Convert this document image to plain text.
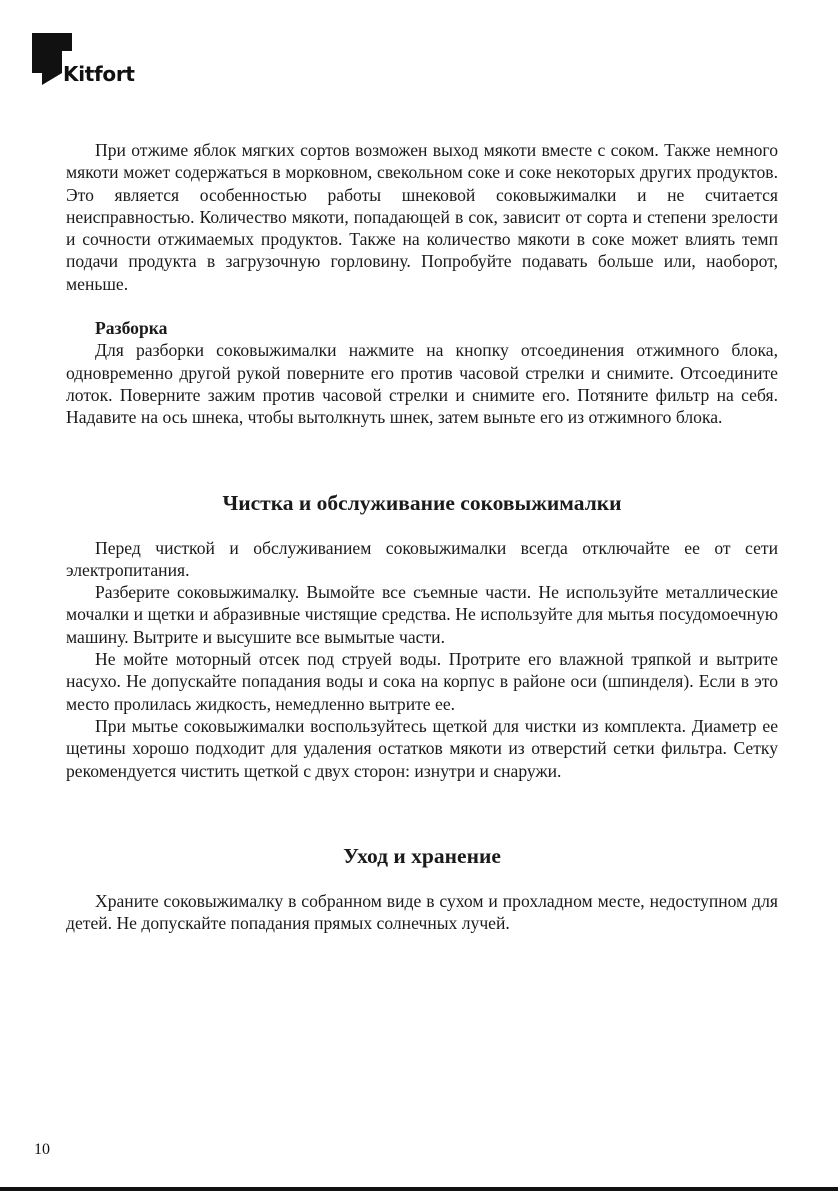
Kitfort

При отжиме яблок мягких сортов возможен выход мякоти вместе с соком. Также немного мякоти может содержаться в морковном, свекольном соке и соке некоторых других продуктов. Это является особенностью работы шнековой соковыжималки и не считается неисправностью. Количество мякоти, попадающей в сок, зависит от сорта и степени зрелости и сочности отжимаемых продуктов. Также на количество мякоти в соке может влиять темп подачи продукта в загрузочную горловину. Попробуйте подавать больше или, наоборот, меньше.

Разборка

Для разборки соковыжималки нажмите на кнопку отсоединения отжимного блока, одновременно другой рукой поверните его против часовой стрелки и снимите. Отсоедините лоток. Поверните зажим против часовой стрелки и снимите его. Потяните фильтр на себя. Надавите на ось шнека, чтобы вытолкнуть шнек, затем выньте его из отжимного блока.

Чистка и обслуживание соковыжималки

Перед чисткой и обслуживанием соковыжималки всегда отключайте ее от сети электропитания.

Разберите соковыжималку. Вымойте все съемные части. Не используйте металлические мочалки и щетки и абразивные чистящие средства. Не используйте для мытья посудомоечную машину. Вытрите и высушите все вымытые части.

Не мойте моторный отсек под струей воды. Протрите его влажной тряпкой и вытрите насухо. Не допускайте попадания воды и сока на корпус в районе оси (шпинделя). Если в это место пролилась жидкость, немедленно вытрите ее.

При мытье соковыжималки воспользуйтесь щеткой для чистки из комплекта. Диаметр ее щетины хорошо подходит для удаления остатков мякоти из отверстий сетки фильтра. Сетку рекомендуется чистить щеткой с двух сторон: изнутри и снаружи.

Уход и хранение

Храните соковыжималку в собранном виде в сухом и прохладном месте, недоступном для детей. Не допускайте попадания прямых солнечных лучей.

10
